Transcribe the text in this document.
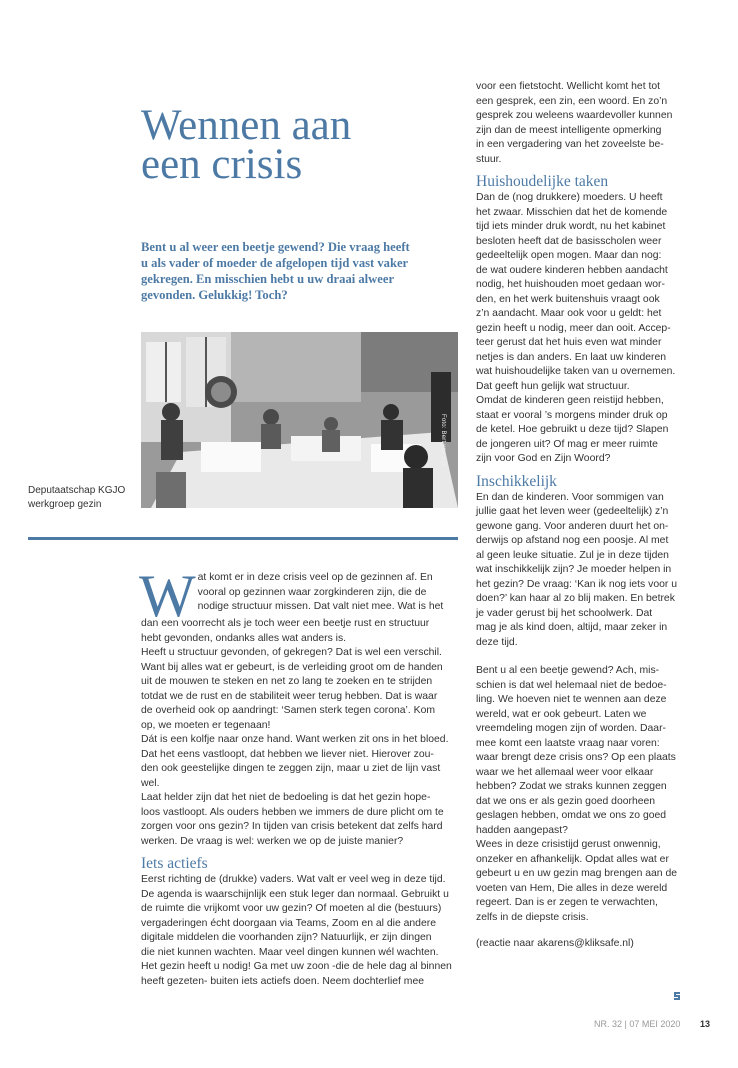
Wennen aan
een crisis
Bent u al weer een beetje gewend? Die vraag heeft
u als vader of moeder de afgelopen tijd vast vaker
gekregen. En misschien hebt u uw draai alweer
gevonden. Gelukkig! Toch?
Foto: Bert van Dijk
Deputaatschap KGJO
werkgroep gezin
W at komt er in deze crisis veel op de gezinnen af. En
vooral op gezinnen waar zorgkinderen zijn, die de
nodige structuur missen. Dat valt niet mee. Wat is het
dan een voorrecht als je toch weer een beetje rust en structuur
hebt gevonden, ondanks alles wat anders is.
Heeft u structuur gevonden, of gekregen? Dat is wel een verschil.
Want bij alles wat er gebeurt, is de verleiding groot om de handen
uit de mouwen te steken en net zo lang te zoeken en te strijden
totdat we de rust en de stabiliteit weer terug hebben. Dat is waar
de overheid ook op aandringt: ‘Samen sterk tegen corona’. Kom
op, we moeten er tegenaan!
Dát is een kolfje naar onze hand. Want werken zit ons in het bloed.
Dat het eens vastloopt, dat hebben we liever niet. Hierover zou-
den ook geestelijke dingen te zeggen zijn, maar u ziet de lijn vast
wel.
Laat helder zijn dat het niet de bedoeling is dat het gezin hope-
loos vastloopt. Als ouders hebben we immers de dure plicht om te
zorgen voor ons gezin? In tijden van crisis betekent dat zelfs hard
werken. De vraag is wel: werken we op de juiste manier?
Iets actiefs
Eerst richting de (drukke) vaders. Wat valt er veel weg in deze tijd.
De agenda is waarschijnlijk een stuk leger dan normaal. Gebruikt u
de ruimte die vrijkomt voor uw gezin? Of moeten al die (bestuurs)
vergaderingen écht doorgaan via Teams, Zoom en al die andere
digitale middelen die voorhanden zijn? Natuurlijk, er zijn dingen
die niet kunnen wachten. Maar veel dingen kunnen wél wachten.
Het gezin heeft u nodig! Ga met uw zoon -die de hele dag al binnen
heeft gezeten- buiten iets actiefs doen. Neem dochterlief mee
voor een fietstocht. Wellicht komt het tot
een gesprek, een zin, een woord. En zo’n
gesprek zou weleens waardevoller kunnen
zijn dan de meest intelligente opmerking
in een vergadering van het zoveelste be-
stuur.
Huishoudelijke taken
Dan de (nog drukkere) moeders. U heeft
het zwaar. Misschien dat het de komende
tijd iets minder druk wordt, nu het kabinet
besloten heeft dat de basisscholen weer
gedeeltelijk open mogen. Maar dan nog:
de wat oudere kinderen hebben aandacht
nodig, het huishouden moet gedaan wor-
den, en het werk buitenshuis vraagt ook
z’n aandacht. Maar ook voor u geldt: het
gezin heeft u nodig, meer dan ooit. Accep-
teer gerust dat het huis even wat minder
netjes is dan anders. En laat uw kinderen
wat huishoudelijke taken van u overnemen.
Dat geeft hun gelijk wat structuur.
Omdat de kinderen geen reistijd hebben,
staat er vooral ’s morgens minder druk op
de ketel. Hoe gebruikt u deze tijd? Slapen
de jongeren uit? Of mag er meer ruimte
zijn voor God en Zijn Woord?
Inschikkelijk
En dan de kinderen. Voor sommigen van
jullie gaat het leven weer (gedeeltelijk) z’n
gewone gang. Voor anderen duurt het on-
derwijs op afstand nog een poosje. Al met
al geen leuke situatie. Zul je in deze tijden
wat inschikkelijk zijn? Je moeder helpen in
het gezin? De vraag: ‘Kan ik nog iets voor u
doen?’ kan haar al zo blij maken. En betrek
je vader gerust bij het schoolwerk. Dat
mag je als kind doen, altijd, maar zeker in
deze tijd.
Bent u al een beetje gewend? Ach, mis-
schien is dat wel helemaal niet de bedoe-
ling. We hoeven niet te wennen aan deze
wereld, wat er ook gebeurt. Laten we
vreemdeling mogen zijn of worden. Daar-
mee komt een laatste vraag naar voren:
waar brengt deze crisis ons? Op een plaats
waar we het allemaal weer voor elkaar
hebben? Zodat we straks kunnen zeggen
dat we ons er als gezin goed doorheen
geslagen hebben, omdat we ons zo goed
hadden aangepast?
Wees in deze crisistijd gerust onwennig,
onzeker en afhankelijk. Opdat alles wat er
gebeurt u en uw gezin mag brengen aan de
voeten van Hem, Die alles in deze wereld
regeert. Dan is er zegen te verwachten,
zelfs in de diepste crisis.
(reactie naar akarens@kliksafe.nl)
NR. 32 | 07 MEI 2020 13
